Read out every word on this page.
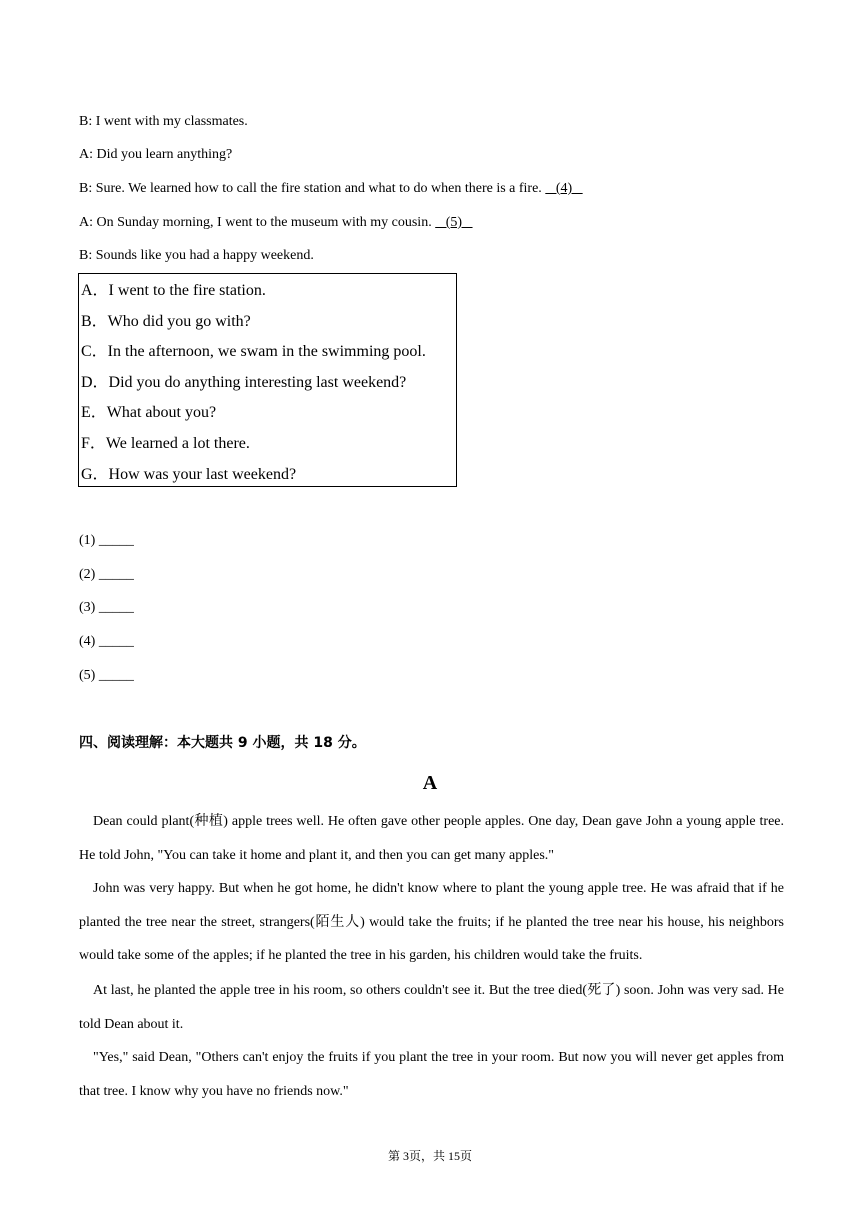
B: I went with my classmates.
A: Did you learn anything?
B: Sure. We learned how to call the fire station and what to do when there is a fire.    (4)
A: On Sunday morning, I went to the museum with my cousin.    (5)
B: Sounds like you had a happy weekend.
A．I went to the fire station.
B．Who did you go with?
C．In the afternoon, we swam in the swimming pool.
D．Did you do anything interesting last weekend?
E．What about you?
F．We learned a lot there.
G．How was your last weekend?
(1) _____
(2) _____
(3) _____
(4) _____
(5) _____
四、阅读理解：本大题共 9 小题，共 18 分。
A
Dean could plant(种植) apple trees well. He often gave other people apples. One day, Dean gave John a young apple tree. He told John, "You can take it home and plant it, and then you can get many apples."
John was very happy. But when he got home, he didn't know where to plant the young apple tree. He was afraid that if he planted the tree near the street, strangers(陌生人) would take the fruits; if he planted the tree near his house, his neighbors would take some of the apples; if he planted the tree in his garden, his children would take the fruits.
At last, he planted the apple tree in his room, so others couldn't see it. But the tree died(死了) soon. John was very sad. He told Dean about it.
"Yes," said Dean, "Others can't enjoy the fruits if you plant the tree in your room. But now you will never get apples from that tree. I know why you have no friends now."
第 3页，共 15页
